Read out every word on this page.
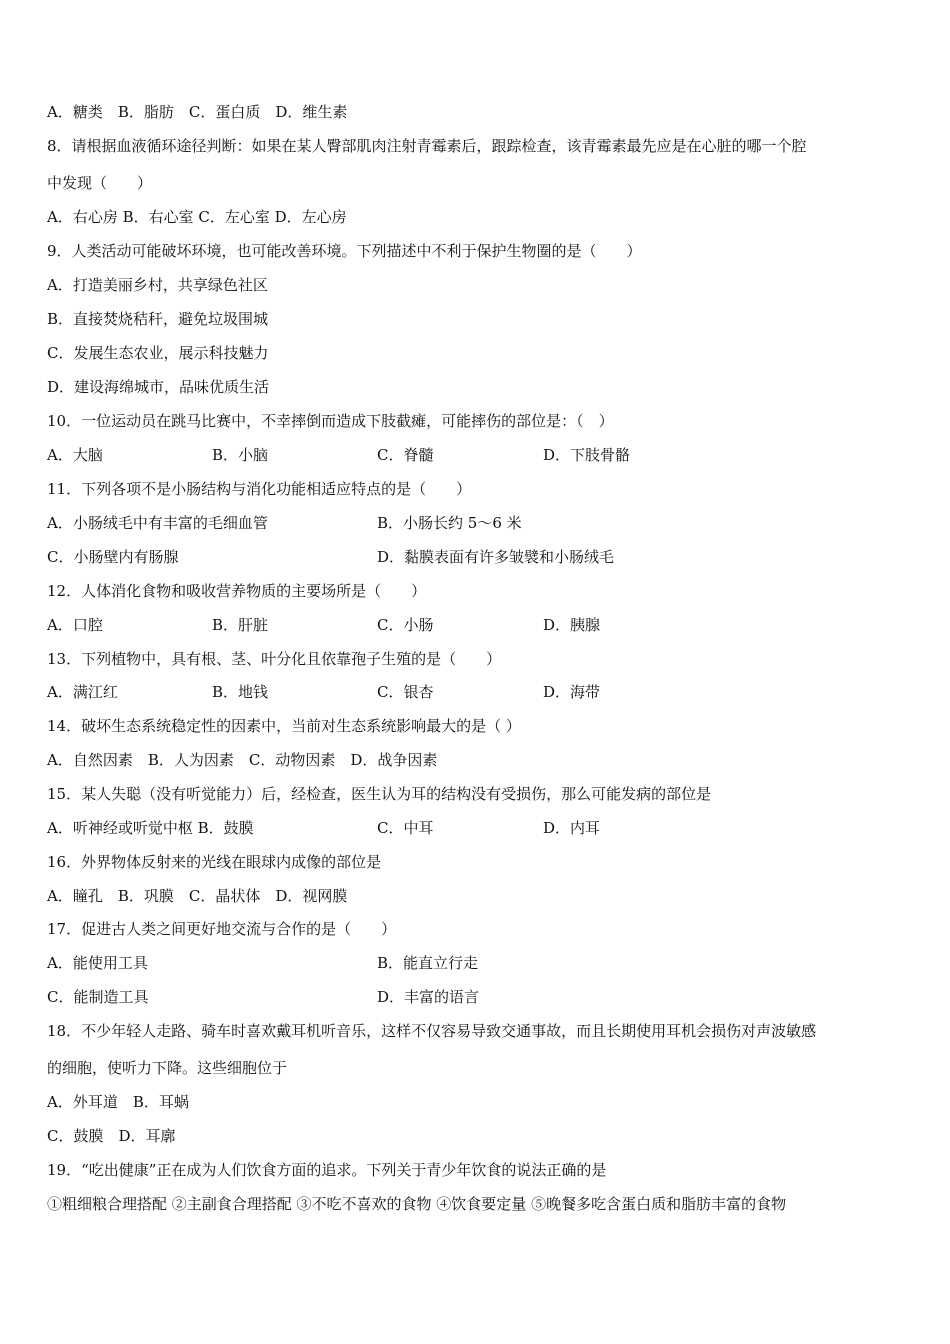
A．糖类　B．脂肪　C．蛋白质　D．维生素
8．请根据血液循环途径判断：如果在某人臀部肌肉注射青霉素后，跟踪检查，该青霉素最先应是在心脏的哪一个腔
中发现（　　）
A．右心房 B．右心室 C．左心室 D．左心房
9．人类活动可能破坏环境，也可能改善环境。下列描述中不利于保护生物圈的是（　　）
A．打造美丽乡村，共享绿色社区
B．直接焚烧秸秆，避免垃圾围城
C．发展生态农业，展示科技魅力
D．建设海绵城市，品味优质生活
10．一位运动员在跳马比赛中，不幸摔倒而造成下肢截瘫，可能摔伤的部位是：（　）
A．大脑	B．小脑	C．脊髓	D．下肢骨骼
11．下列各项不是小肠结构与消化功能相适应特点的是（　　）
A．小肠绒毛中有丰富的毛细血管	B．小肠长约 5～6 米
C．小肠壁内有肠腺	D．黏膜表面有许多皱襞和小肠绒毛
12．人体消化食物和吸收营养物质的主要场所是（　　）
A．口腔	B．肝脏	C．小肠	D．胰腺
13．下列植物中，具有根、茎、叶分化且依靠孢子生殖的是（　　）
A．满江红	B．地钱	C．银杏	D．海带
14．破坏生态系统稳定性的因素中，当前对生态系统影响最大的是（ ）
A．自然因素　B．人为因素　C．动物因素　D．战争因素
15．某人失聪（没有听觉能力）后，经检查，医生认为耳的结构没有受损伤，那么可能发病的部位是
A．听神经或听觉中枢 B．鼓膜	C．中耳	D．内耳
16．外界物体反射来的光线在眼球内成像的部位是
A．瞳孔　B．巩膜　C．晶状体　D．视网膜
17．促进古人类之间更好地交流与合作的是（　　）
A．能使用工具	B．能直立行走
C．能制造工具	D．丰富的语言
18．不少年轻人走路、骑车时喜欢戴耳机听音乐，这样不仅容易导致交通事故，而且长期使用耳机会损伤对声波敏感
的细胞，使听力下降。这些细胞位于
A．外耳道　B．耳蜗
C．鼓膜　D．耳廓
19．“吃出健康”正在成为人们饮食方面的追求。下列关于青少年饮食的说法正确的是
①粗细粮合理搭配 ②主副食合理搭配 ③不吃不喜欢的食物 ④饮食要定量 ⑤晚餐多吃含蛋白质和脂肪丰富的食物
